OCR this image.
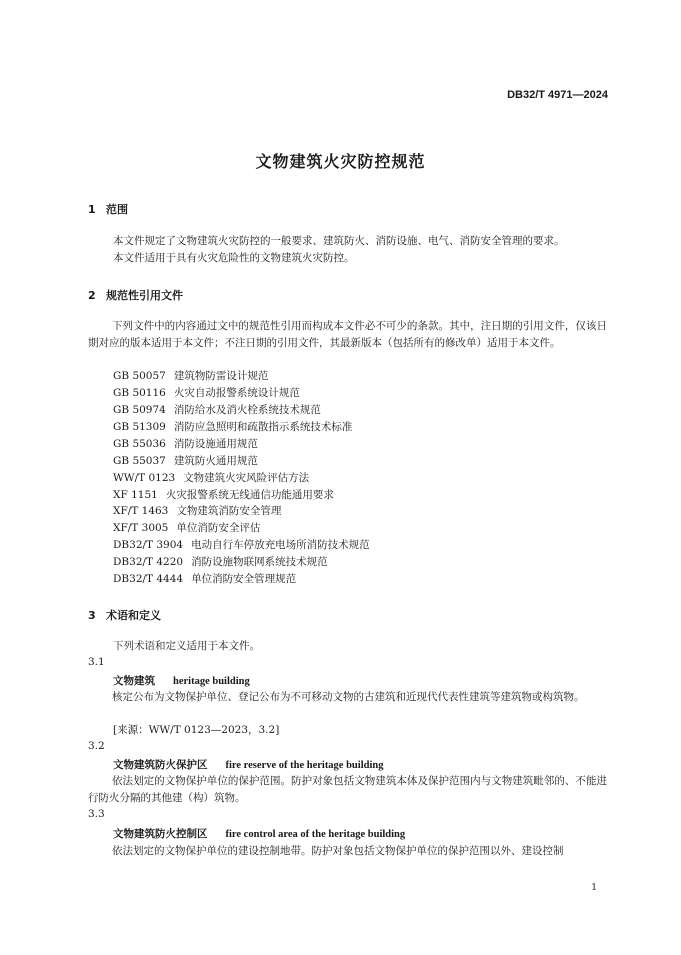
DB32/T 4971—2024
文物建筑火灾防控规范
1 范围
本文件规定了文物建筑火灾防控的一般要求、建筑防火、消防设施、电气、消防安全管理的要求。
本文件适用于具有火灾危险性的文物建筑火灾防控。
2 规范性引用文件
下列文件中的内容通过文中的规范性引用而构成本文件必不可少的条款。其中，注日期的引用文件，仅该日期对应的版本适用于本文件；不注日期的引用文件，其最新版本（包括所有的修改单）适用于本文件。
GB 50057 建筑物防雷设计规范
GB 50116 火灾自动报警系统设计规范
GB 50974 消防给水及消火栓系统技术规范
GB 51309 消防应急照明和疏散指示系统技术标准
GB 55036 消防设施通用规范
GB 55037 建筑防火通用规范
WW/T 0123 文物建筑火灾风险评估方法
XF 1151 火灾报警系统无线通信功能通用要求
XF/T 1463 文物建筑消防安全管理
XF/T 3005 单位消防安全评估
DB32/T 3904 电动自行车停放充电场所消防技术规范
DB32/T 4220 消防设施物联网系统技术规范
DB32/T 4444 单位消防安全管理规范
3 术语和定义
下列术语和定义适用于本文件。
3.1
文物建筑 heritage building
核定公布为文物保护单位、登记公布为不可移动文物的古建筑和近现代代表性建筑等建筑物或构筑物。
[来源：WW/T 0123—2023，3.2]
3.2
文物建筑防火保护区 fire reserve of the heritage building
依法划定的文物保护单位的保护范围。防护对象包括文物建筑本体及保护范围内与文物建筑毗邻的、不能进行防火分隔的其他建（构）筑物。
3.3
文物建筑防火控制区 fire control area of the heritage building
依法划定的文物保护单位的建设控制地带。防护对象包括文物保护单位的保护范围以外、建设控制
1
